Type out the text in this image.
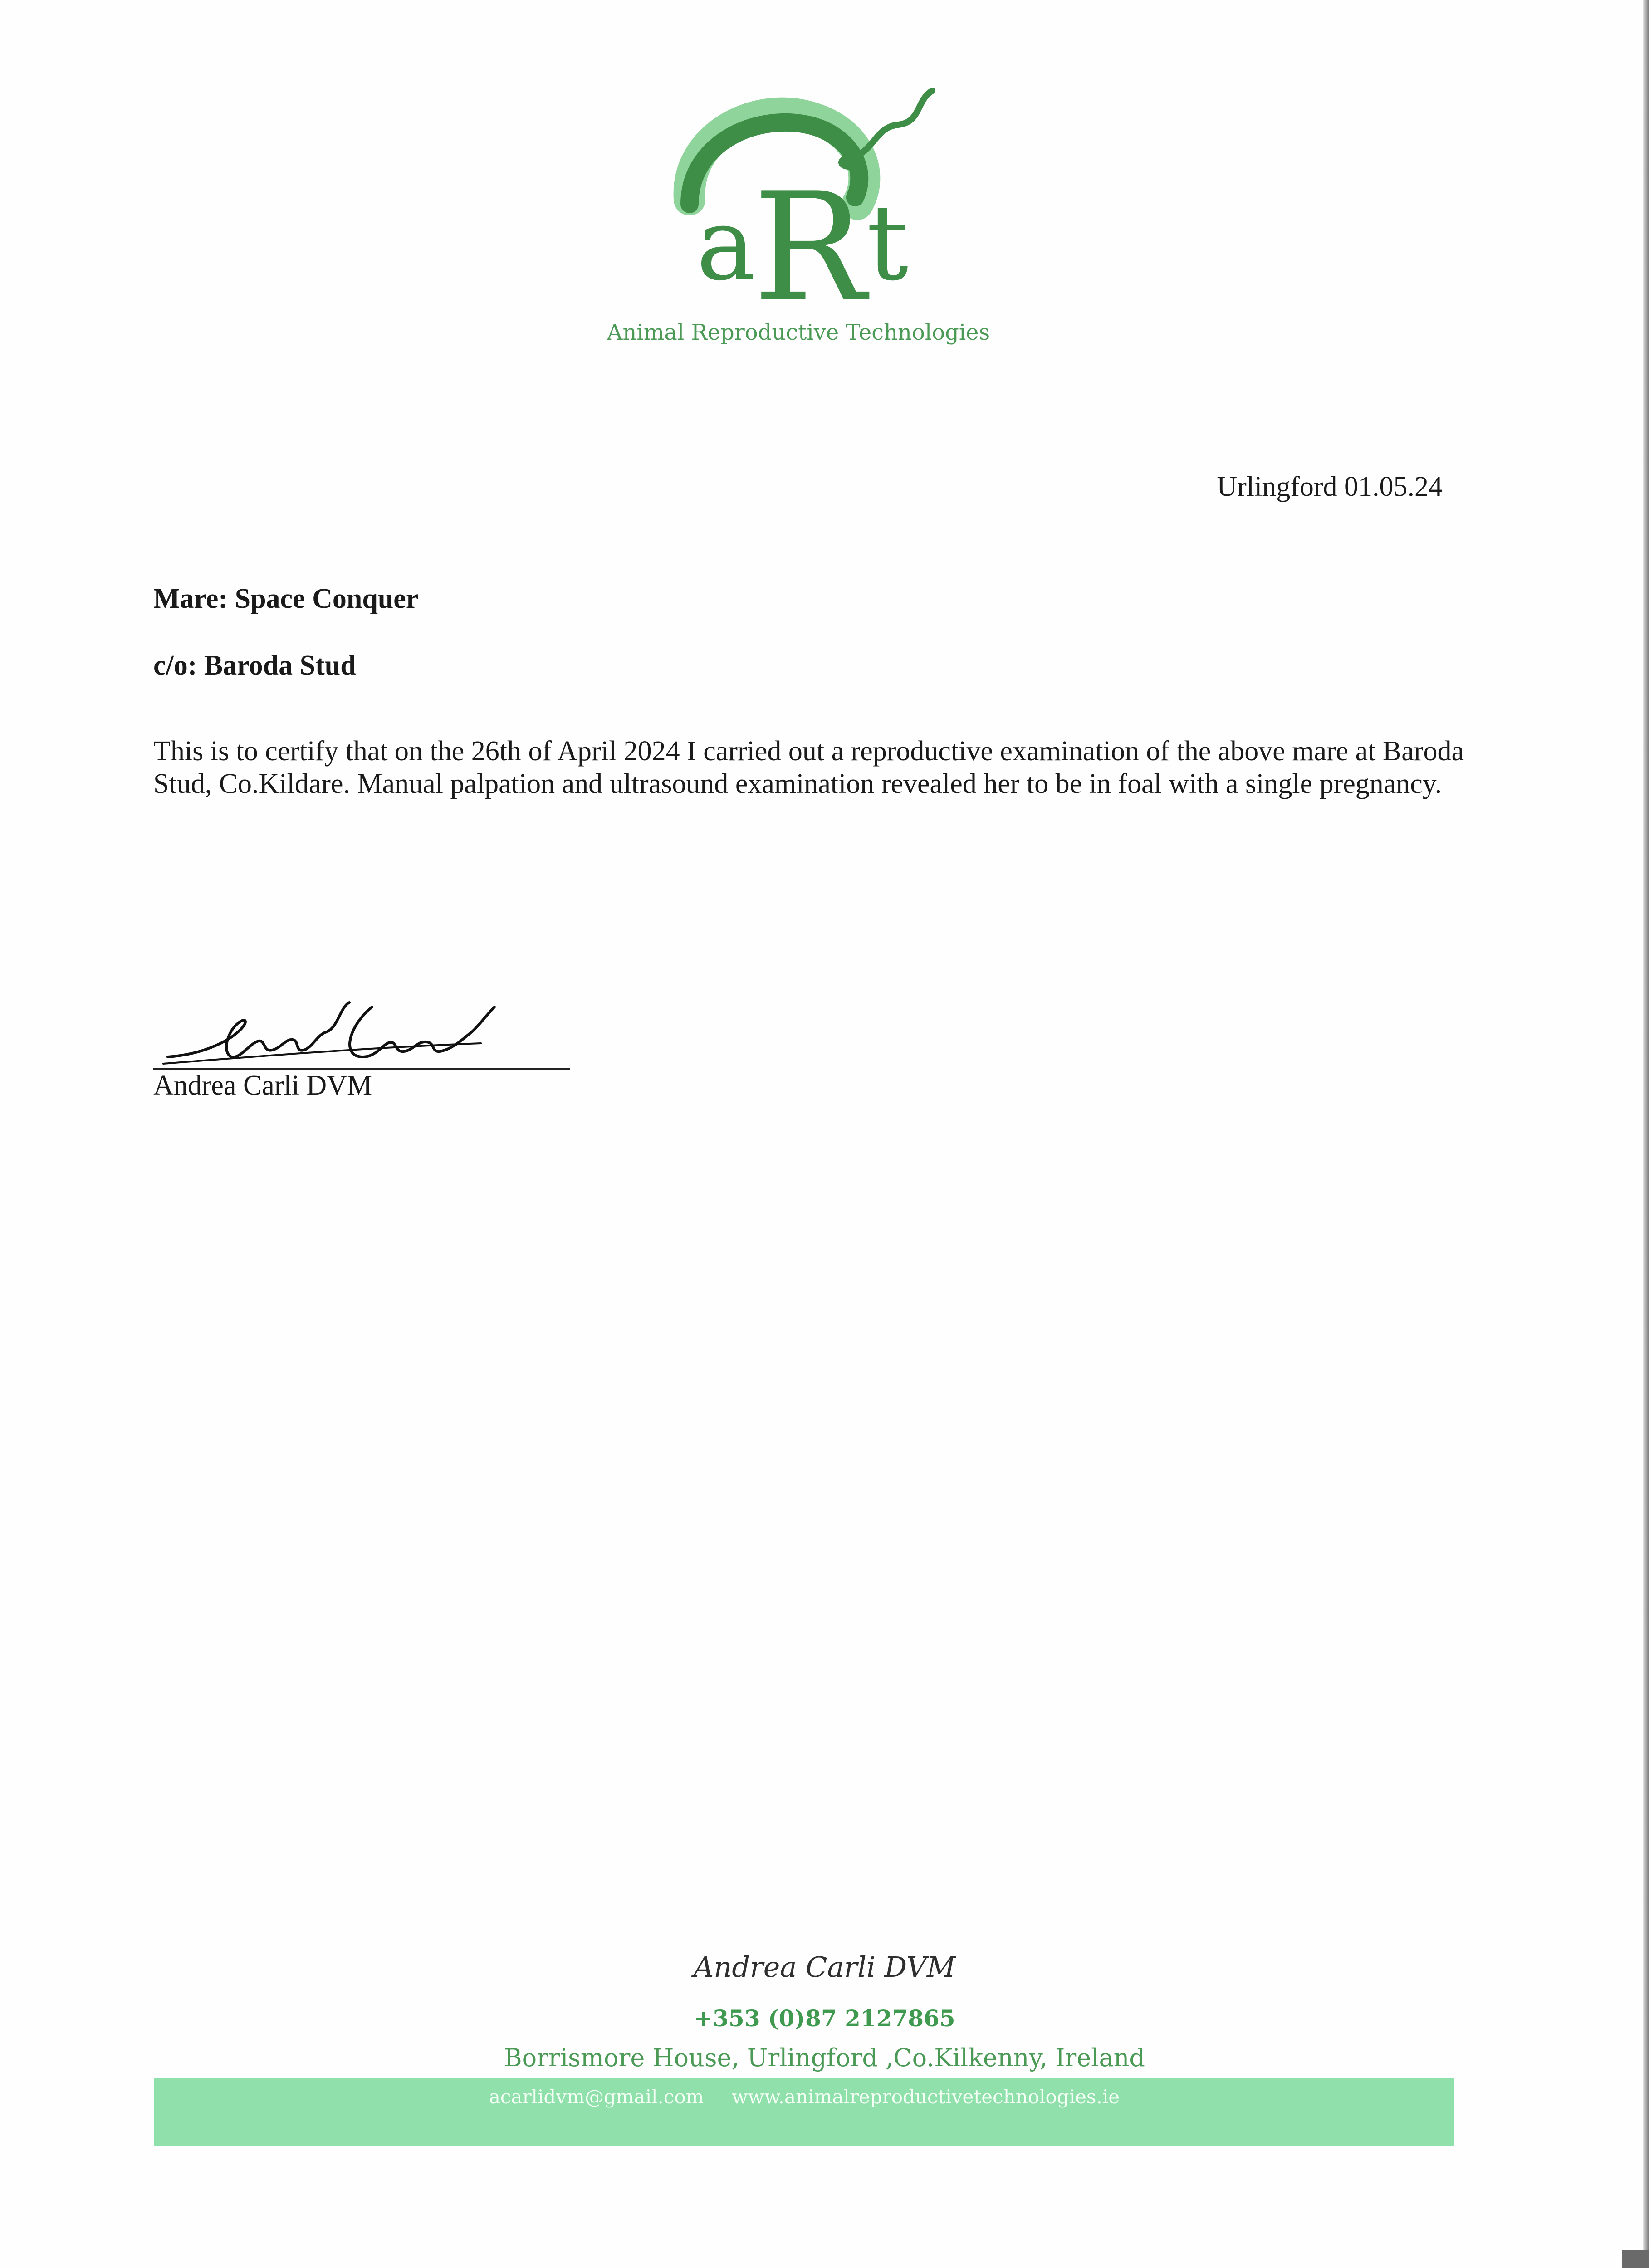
a
R t
Animal Reproductive Technologies
Urlingford 01.05.24
Mare: Space Conquer
c/o: Baroda Stud
This is to certify that on the 26th of April 2024 I carried out a reproductive examination of the above mare at Baroda Stud, Co.Kildare. Manual palpation and ultrasound examination revealed her to be in foal with a single pregnancy.
Andrea Carli DVM
Andrea Carli DVM
+353 (0)87 2127865
Borrismore House, Urlingford ,Co.Kilkenny, Ireland
acarlidvm@gmail.com www.animalreproductivetechnologies.ie
